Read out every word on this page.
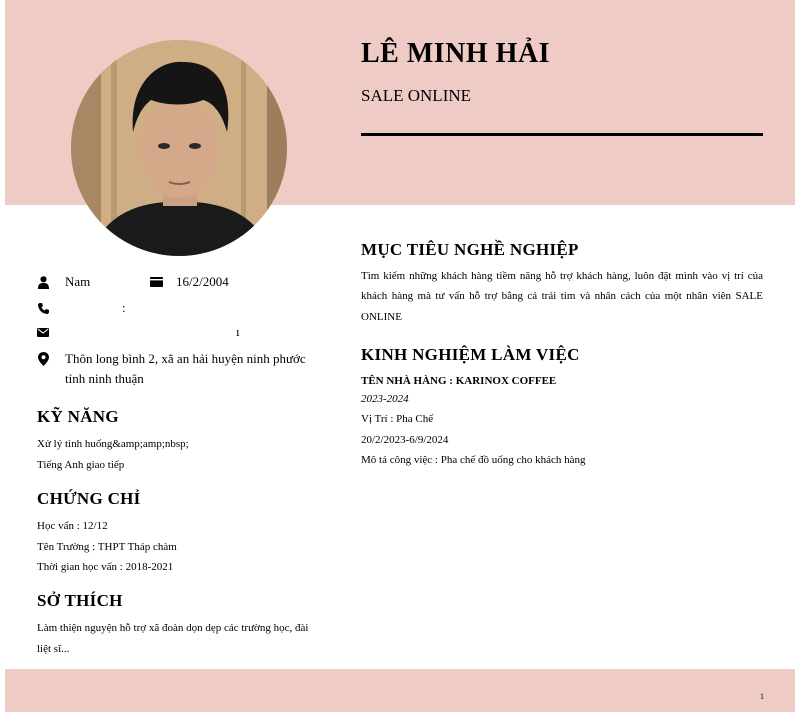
LÊ MINH HẢI
SALE ONLINE
Nam	16/2/2004
:
ı
Thôn long bình 2, xã an hải huyện ninh phước
tỉnh ninh thuận
KỸ NĂNG
Xử lý tình huống&amp;amp;nbsp;
Tiếng Anh giao tiếp
CHỨNG CHỈ
Học vấn : 12/12
Tên Trường : THPT Tháp chàm
Thời gian học vấn : 2018-2021
SỞ THÍCH
Làm thiện nguyện hỗ trợ xã đoàn dọn dẹp các trường học, đài
liệt sĩ...
MỤC TIÊU NGHỀ NGHIỆP
Tìm kiếm những khách hàng tiềm năng hỗ trợ khách hàng, luôn đặt mình vào vị trí của
khách hàng mà tư vấn hỗ trợ bằng cả trái tim và nhân cách của một nhân viên SALE
ONLINE
KINH NGHIỆM LÀM VIỆC
TÊN NHÀ HÀNG : KARINOX COFFEE
2023-2024
Vị Trí : Pha Chế
20/2/2023-6/9/2024
Mô tả công việc : Pha chế đồ uống cho khách hàng
1
